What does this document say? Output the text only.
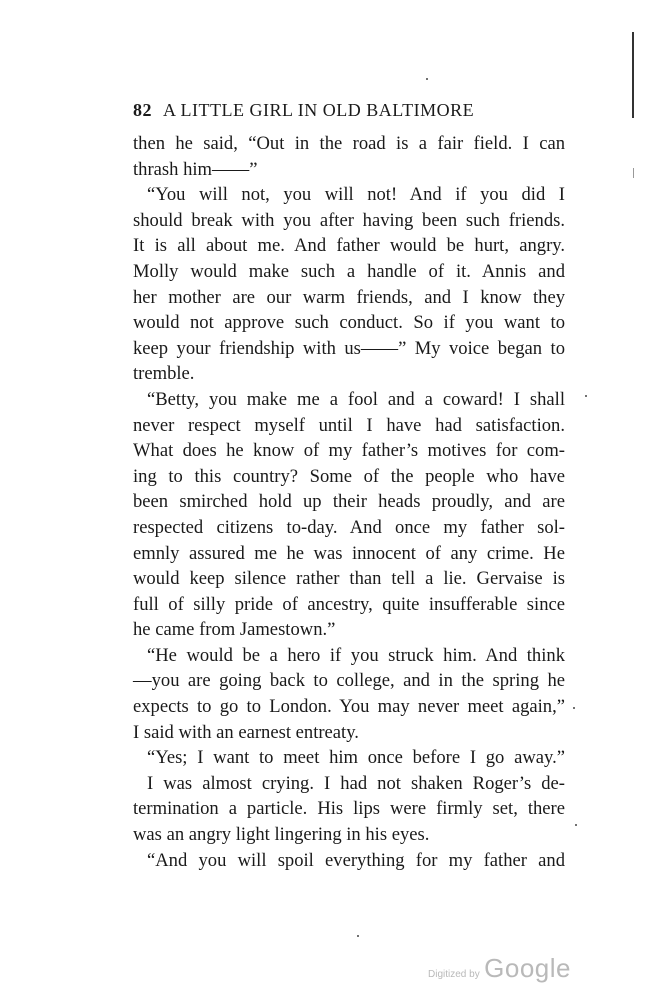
82 A LITTLE GIRL IN OLD BALTIMORE
then he said, “Out in the road is a fair field. I can
thrash him——”
“You will not, you will not! And if you did I
should break with you after having been such friends.
It is all about me. And father would be hurt, angry.
Molly would make such a handle of it. Annis and
her mother are our warm friends, and I know they
would not approve such conduct. So if you want to
keep your friendship with us——” My voice began to
tremble.
“Betty, you make me a fool and a coward! I shall
never respect myself until I have had satisfaction.
What does he know of my father’s motives for com-
ing to this country? Some of the people who have
been smirched hold up their heads proudly, and are
respected citizens to-day. And once my father sol-
emnly assured me he was innocent of any crime. He
would keep silence rather than tell a lie. Gervaise is
full of silly pride of ancestry, quite insufferable since
he came from Jamestown.”
“He would be a hero if you struck him. And think
—you are going back to college, and in the spring he
expects to go to London. You may never meet again,”
I said with an earnest entreaty.
“Yes; I want to meet him once before I go away.”
I was almost crying. I had not shaken Roger’s de-
termination a particle. His lips were firmly set, there
was an angry light lingering in his eyes.
“And you will spoil everything for my father and
Digitized by Google
